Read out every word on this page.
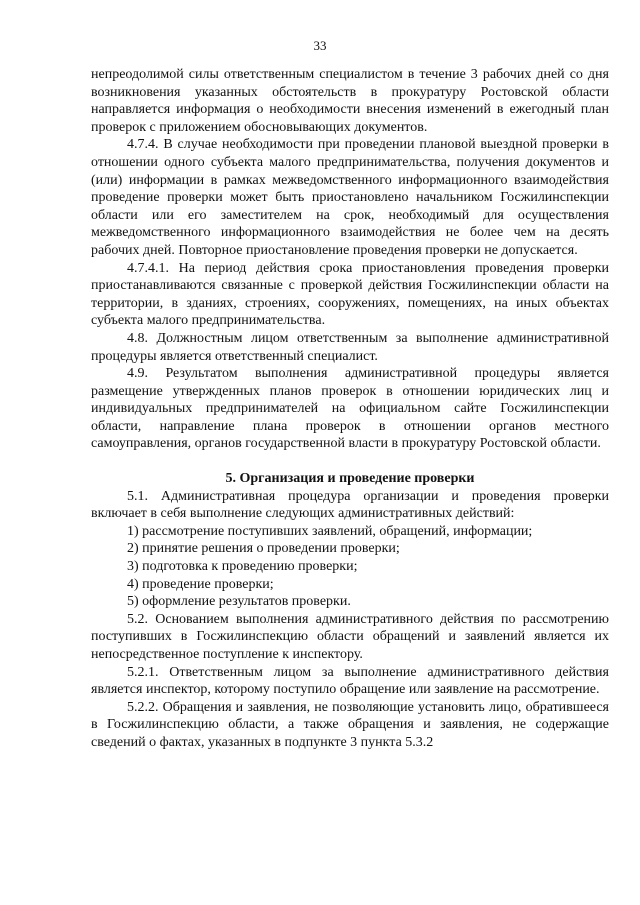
33

непреодолимой силы ответственным специалистом в течение 3 рабочих дней со дня возникновения указанных обстоятельств в прокуратуру Ростовской области направляется информация о необходимости внесения изменений в ежегодный план проверок с приложением обосновывающих документов.

4.7.4. В случае необходимости при проведении плановой выездной проверки в отношении одного субъекта малого предпринимательства, получения документов и (или) информации в рамках межведомственного информационного взаимодействия проведение проверки может быть приостановлено начальником Госжилинспекции области или его заместителем на срок, необходимый для осуществления межведомственного информационного взаимодействия не более чем на десять рабочих дней. Повторное приостановление проведения проверки не допускается.

4.7.4.1. На период действия срока приостановления проведения проверки приостанавливаются связанные с проверкой действия Госжилинспекции области на территории, в зданиях, строениях, сооружениях, помещениях, на иных объектах субъекта малого предпринимательства.

4.8. Должностным лицом ответственным за выполнение административной процедуры является ответственный специалист.

4.9. Результатом выполнения административной процедуры является размещение утвержденных планов проверок в отношении юридических лиц и индивидуальных предпринимателей на официальном сайте Госжилинспекции области, направление плана проверок в отношении органов местного самоуправления, органов государственной власти в прокуратуру Ростовской области.

5. Организация и проведение проверки

5.1. Административная процедура организации и проведения проверки включает в себя выполнение следующих административных действий:

1) рассмотрение поступивших заявлений, обращений, информации;

2) принятие решения о проведении проверки;

3) подготовка к проведению проверки;

4) проведение проверки;

5) оформление результатов проверки.

5.2. Основанием выполнения административного действия по рассмотрению поступивших в Госжилинспекцию области обращений и заявлений является их непосредственное поступление к инспектору.

5.2.1. Ответственным лицом за выполнение административного действия является инспектор, которому поступило обращение или заявление на рассмотрение.

5.2.2. Обращения и заявления, не позволяющие установить лицо, обратившееся в Госжилинспекцию области, а также обращения и заявления, не содержащие сведений о фактах, указанных в подпункте 3 пункта 5.3.2
